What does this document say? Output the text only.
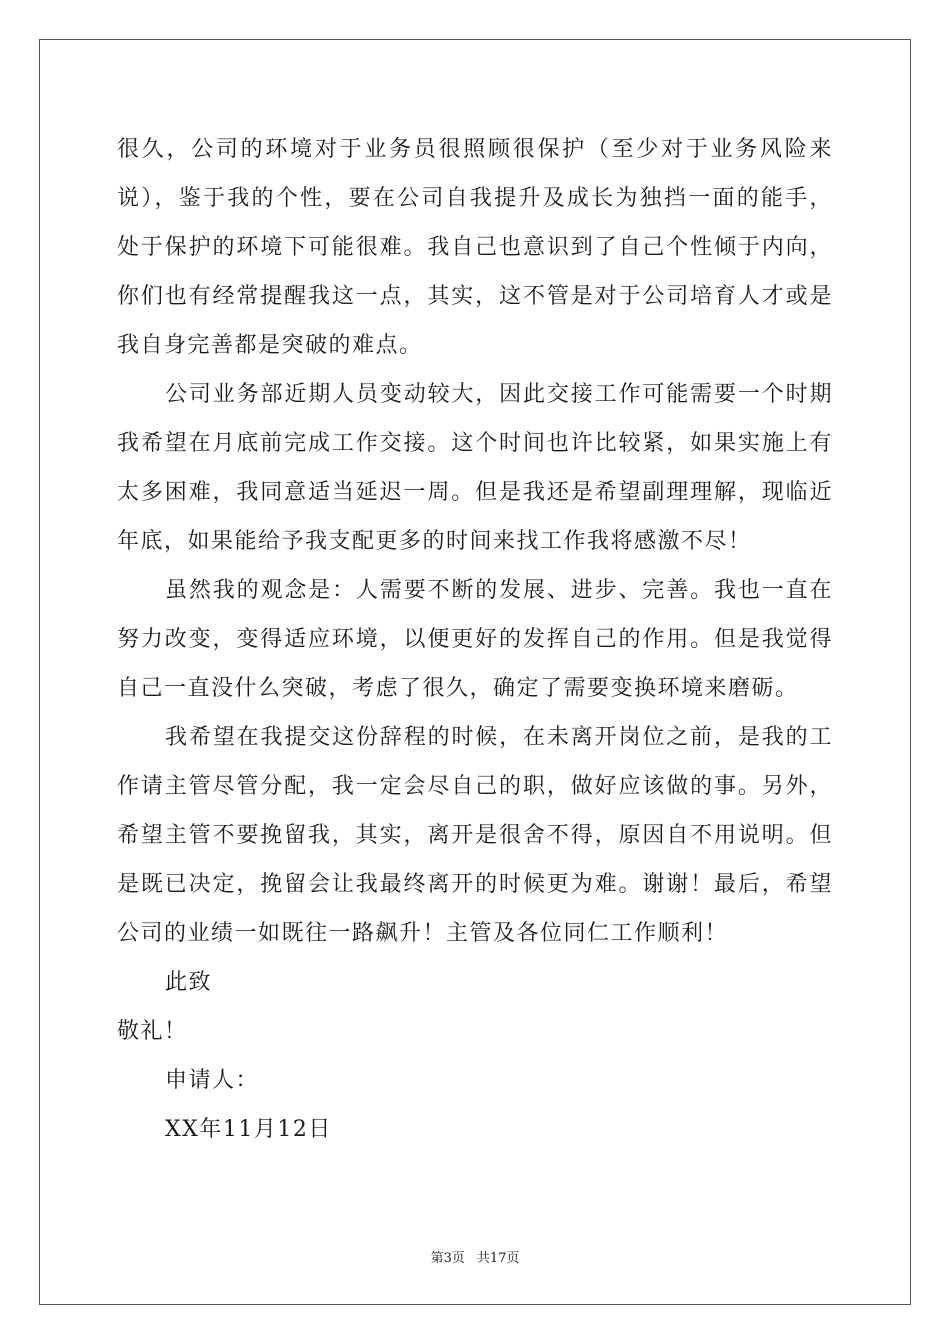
很久，公司的环境对于业务员很照顾很保护（至少对于业务风险来说），鉴于我的个性，要在公司自我提升及成长为独挡一面的能手，处于保护的环境下可能很难。我自己也意识到了自己个性倾于内向，你们也有经常提醒我这一点，其实，这不管是对于公司培育人才或是我自身完善都是突破的难点。

公司业务部近期人员变动较大，因此交接工作可能需要一个时期我希望在月底前完成工作交接。这个时间也许比较紧，如果实施上有太多困难，我同意适当延迟一周。但是我还是希望副理理解，现临近年底，如果能给予我支配更多的时间来找工作我将感激不尽！

虽然我的观念是：人需要不断的发展、进步、完善。我也一直在努力改变，变得适应环境，以便更好的发挥自己的作用。但是我觉得自己一直没什么突破，考虑了很久，确定了需要变换环境来磨砺。

我希望在我提交这份辞程的时候，在未离开岗位之前，是我的工作请主管尽管分配，我一定会尽自己的职，做好应该做的事。另外，希望主管不要挽留我，其实，离开是很舍不得，原因自不用说明。但是既已决定，挽留会让我最终离开的时候更为难。谢谢！最后，希望公司的业绩一如既往一路飙升！主管及各位同仁工作顺利！

此致

敬礼！

申请人：

XX年11月12日

第3页 共17页
